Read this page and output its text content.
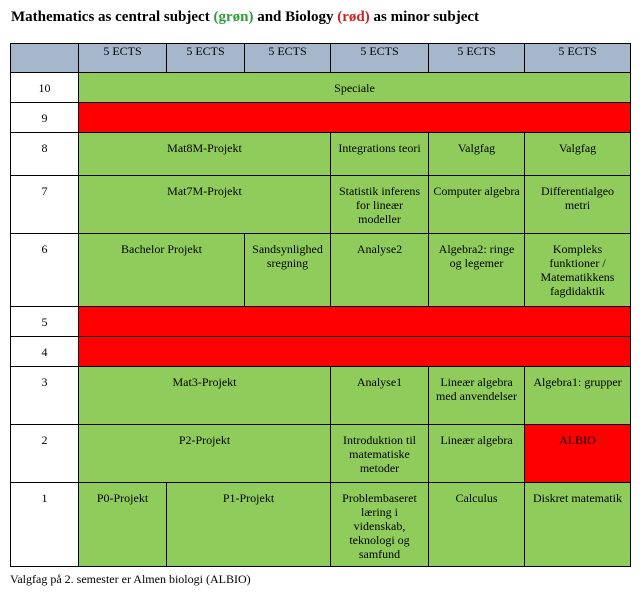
Mathematics as central subject (grøn) and Biology (rød) as minor subject
	5 ECTS	5 ECTS	5 ECTS	5 ECTS	5 ECTS	5 ECTS

10	Speciale					

9						

8	Mat8M-Projekt			Integrations teori	Valgfag	Valgfag

7	Mat7M-Projekt			Statistik inferens for lineær modeller	Computer algebra	Differentialgeo metri

6	Bachelor Projekt		Sandsynlighed sregning	Analyse2	Algebra2: ringe og legemer	Kompleks funktioner / Matematikkens fagdidaktik

5						

4						

3	Mat3-Projekt			Analyse1	Lineær algebra med anvendelser	Algebra1: grupper

2	P2-Projekt			Introduktion til matematiske metoder	Lineær algebra	ALBIO

1	P0-Projekt	P1-Projekt		Problembaseret læring i videnskab, teknologi og samfund	Calculus	Diskret matematik
Valgfag på 2. semester er Almen biologi (ALBIO)
